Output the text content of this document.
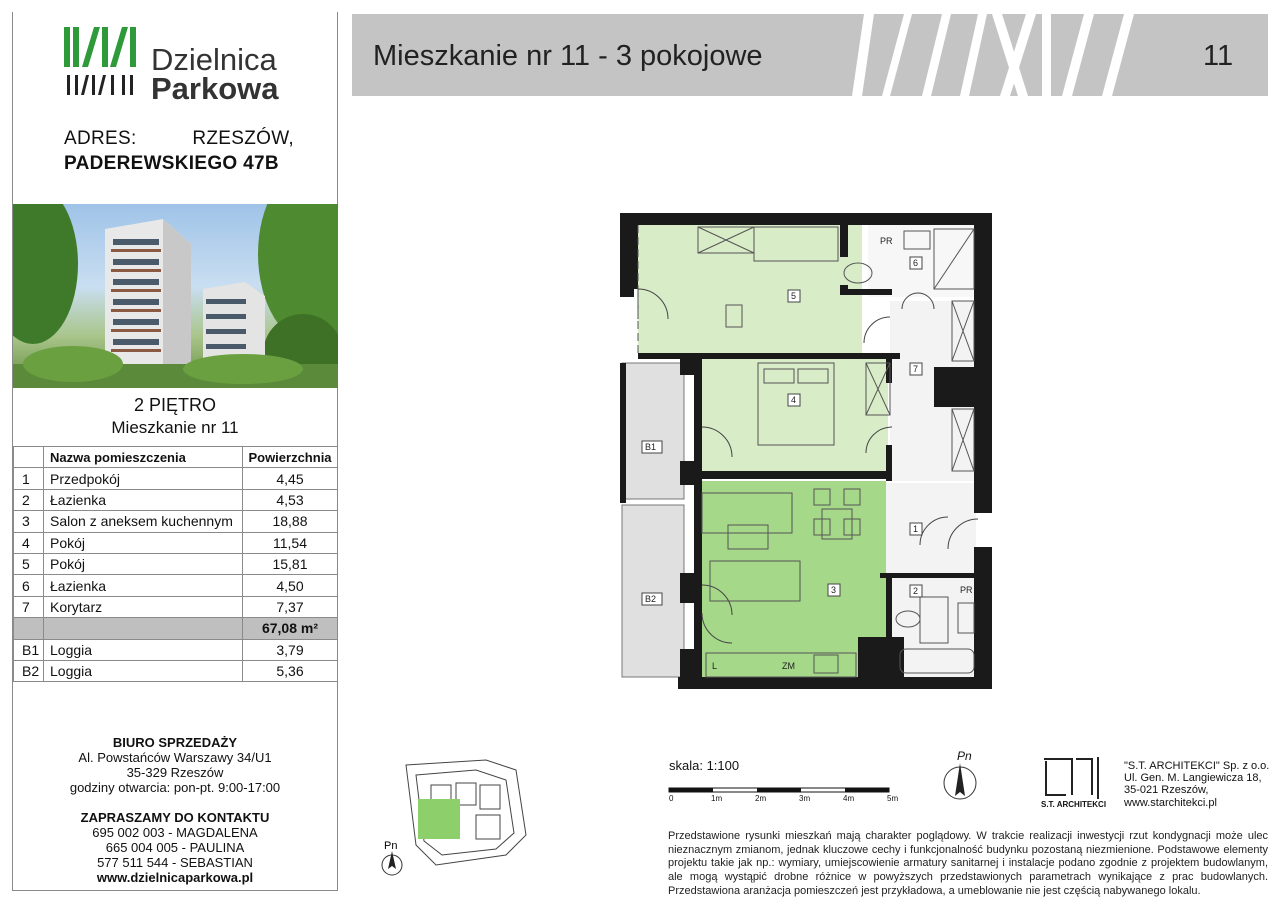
Dzielnica
Parkowa
ADRES:	RZESZÓW,
PADEREWSKIEGO 47B
2 PIĘTRO
Mieszkanie nr 11
	Nazwa pomieszczenia	Powierzchnia
1	Przedpokój	4,45
2	Łazienka	4,53
3	Salon z aneksem kuchennym	18,88
4	Pokój	11,54
5	Pokój	15,81
6	Łazienka	4,50
7	Korytarz	7,37
		67,08 m²
B1	Loggia	3,79
B2	Loggia	5,36
BIURO SPRZEDAŻY
Al. Powstańców Warszawy 34/U1
35-329 Rzeszów
godziny otwarcia: pon-pt. 9:00-17:00
ZAPRASZAMY DO KONTAKTU
695 002 003 - MAGDALENA
665 004 005 - PAULINA
577 511 544 - SEBASTIAN
www.dzielnicaparkowa.pl
Mieszkanie nr 11 - 3 pokojowe	11
5
4
3
1
2
6
7
B1
B2
PR
PR
L	ZM
Pn
skala: 1:100
0	1m	2m	3m	4m	5m
Pn
S.T. ARCHITEKCI
"S.T. ARCHITEKCI" Sp. z o.o.
Ul. Gen. M. Langiewicza 18,
35-021 Rzeszów,
www.starchitekci.pl
Przedstawione rysunki mieszkań mają charakter poglądowy. W trakcie realizacji inwestycji rzut kondygnacji może ulec nieznacznym zmianom, jednak kluczowe cechy i funkcjonalność budynku pozostaną niezmienione. Podstawowe elementy projektu takie jak np.: wymiary, umiejscowienie armatury sanitarnej i instalacje podano zgodnie z projektem budowlanym, ale mogą wystąpić drobne różnice w powyższych przedstawionych parametrach wynikające z prac budowlanych. Przedstawiona aranżacja pomieszczeń jest przykładowa, a umeblowanie nie jest częścią nabywanego lokalu.
